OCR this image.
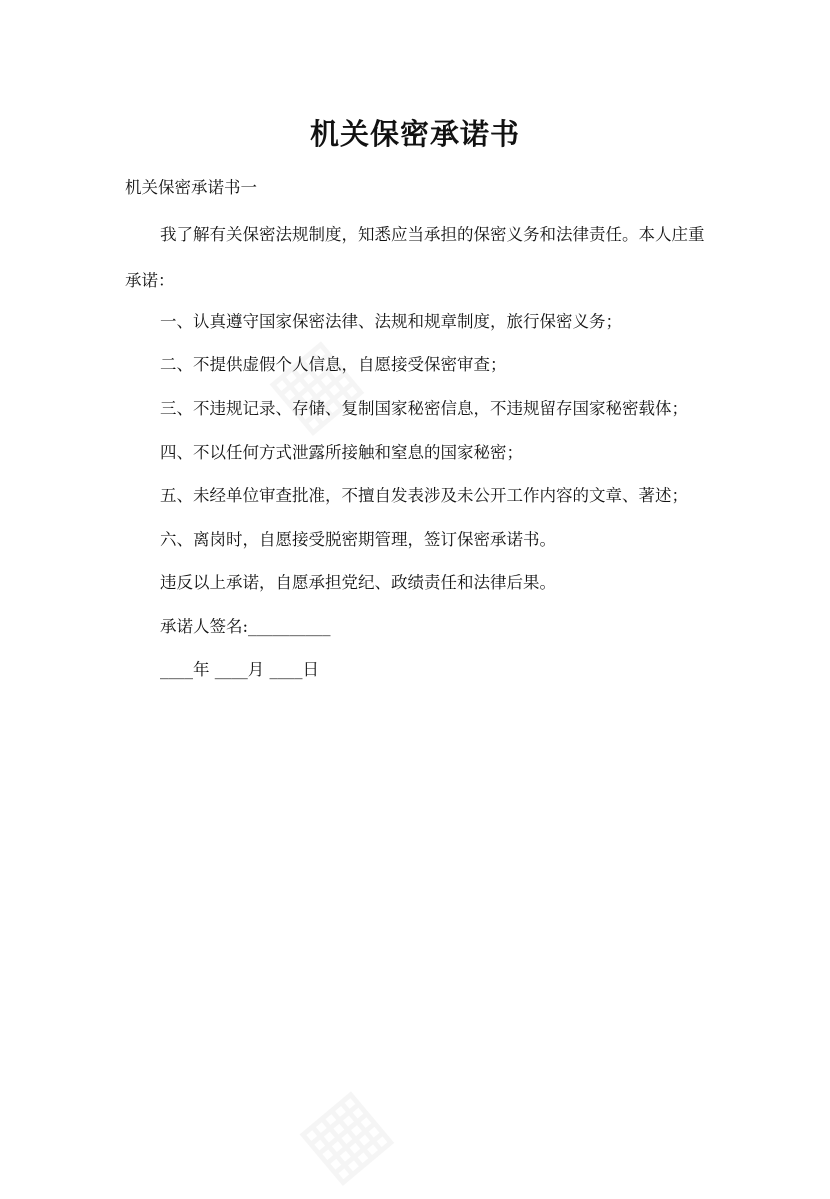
机关保密承诺书

机关保密承诺书一

我了解有关保密法规制度，知悉应当承担的保密义务和法律责任。本人庄重

承诺：

一、认真遵守国家保密法律、法规和规章制度，旅行保密义务；

二、不提供虚假个人信息，自愿接受保密审查；

三、不违规记录、存储、复制国家秘密信息，不违规留存国家秘密载体；

四、不以任何方式泄露所接触和窒息的国家秘密；

五、未经单位审查批准，不擅自发表涉及未公开工作内容的文章、著述；

六、离岗时，自愿接受脱密期管理，签订保密承诺书。

违反以上承诺，自愿承担党纪、政绩责任和法律后果。

承诺人签名:__________

____年 ____月 ____日
